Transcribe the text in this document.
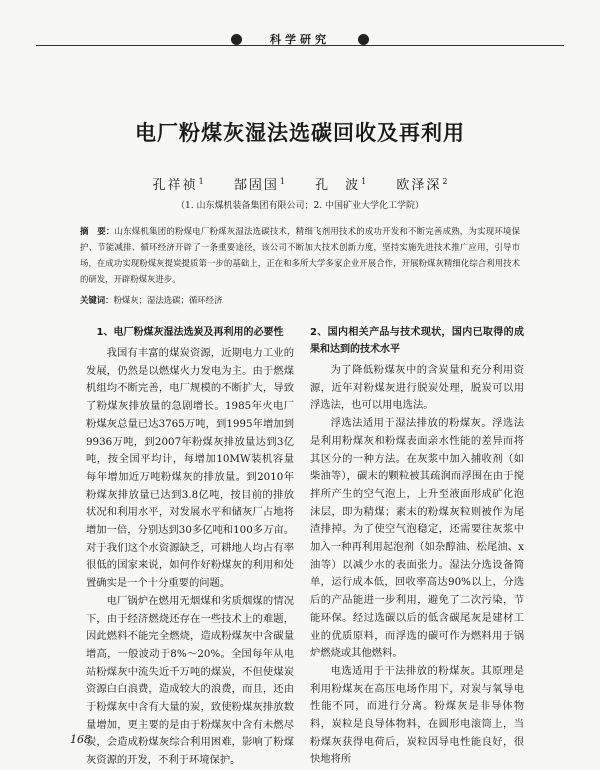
科学研究
电厂粉煤灰湿法选碳回收及再利用
孔祥祯$^1$ 郜固国$^1$ 孔　波$^1$ 欧泽深$^2$
（1. 山东煤机装备集团有限公司；2. 中国矿业大学化工学院）
摘　要：山东煤机集团的粉煤电厂粉煤灰湿法选碳技术，精细飞剂用技术的成功开发和不断完善成熟，为实现环境保护、节能减排、循环经济开辟了一条重要途径，该公司不断加大技术创新力度，坚持实施先进技术推广应用，引导市场，在成功实现粉煤灰提炭提质第一步的基础上，正在和多所大学多家企业开展合作，开展粉煤灰精细化综合利用技术的研发，开辟粉煤灰进步。
关键词：粉煤灰；湿法选碳；循环经济
1、电厂粉煤灰湿法选炭及再利用的必要性

我国有丰富的煤炭资源，近期电力工业的发展，仍然是以燃煤火力发电为主。由于燃煤机组均不断完善，电厂规模的不断扩大，导致了粉煤灰排放量的急剧增长。1985年火电厂粉煤灰总量已达3765万吨，到1995年增加到9936万吨，到2007年粉煤灰排放量达到3亿吨，按全国平均计，每增加10MW装机容量每年增加近万吨粉煤灰的排放量。到2010年粉煤灰排放量已达到3.8亿吨，按目前的排放状况和利用水平，对发展水平和储灰厂占地将增加一倍，分别达到30多亿吨和100多万亩。对于我们这个水资源缺乏，可耕地人均占有率很低的国家来说，如何作好粉煤灰的利用和处置确实是一个十分重要的问题。

电厂锅炉在燃用无烟煤和劣质烟煤的情况下，由于经济燃烧还存在一些技术上的难题，因此燃料不能完全燃烧，造成粉煤灰中含碳量增高，一般波动于8%～20%。全国每年从电站粉煤灰中流失近千万吨的煤炭，不但使煤炭资源白白浪费，造成较大的浪费，而且，还由于粉煤灰中含有大量的炭，致使粉煤灰排放数量增加，更主要的是由于粉煤灰中含有未燃尽炭，会造成粉煤灰综合利用困难，影响了粉煤灰资源的开发，不利于环境保护。

2、国内相关产品与技术现状，国内已取得的成果和达到的技术水平

为了降低粉煤灰中的含炭量和充分利用资源，近年对粉煤灰进行脱炭处理，脱炭可以用浮选法，也可以用电选法。

浮选法适用于湿法排放的粉煤灰。浮选法是利用粉煤灰和粉煤表面亲水性能的差异而将其区分的一种方法。在灰浆中加入捕收剂（如柴油等），碳末的颗粒被其疏润而浮围在由于搅拌所产生的空气泡上，上升至液面形成矿化泡沫层，即为精煤；素末的粉煤灰粒则被作为尾渣排掉。为了使空气泡稳定，还需要往灰浆中加入一种再利用起泡剂（如杂醇油、松尾油、x油等）以减少水的表面张力。湿法分选设备简单，运行成本低，回收率高达90%以上，分选后的产品能进一步利用，避免了二次污染，节能环保。经过选碳以后的低含碳尾灰是建材工业的优质原料，而浮选的碳可作为燃料用于锅炉燃烧或其他燃料。

电选适用于干法排放的粉煤灰。其原理是利用粉煤灰在高压电场作用下，对炭与氧导电性能不同，而进行分离。粉煤灰是非导体物料，炭粒是良导体物料，在圆形电滚筒上，当粉煤灰获得电荷后，炭粒因导电性能良好，很快地将所

168
